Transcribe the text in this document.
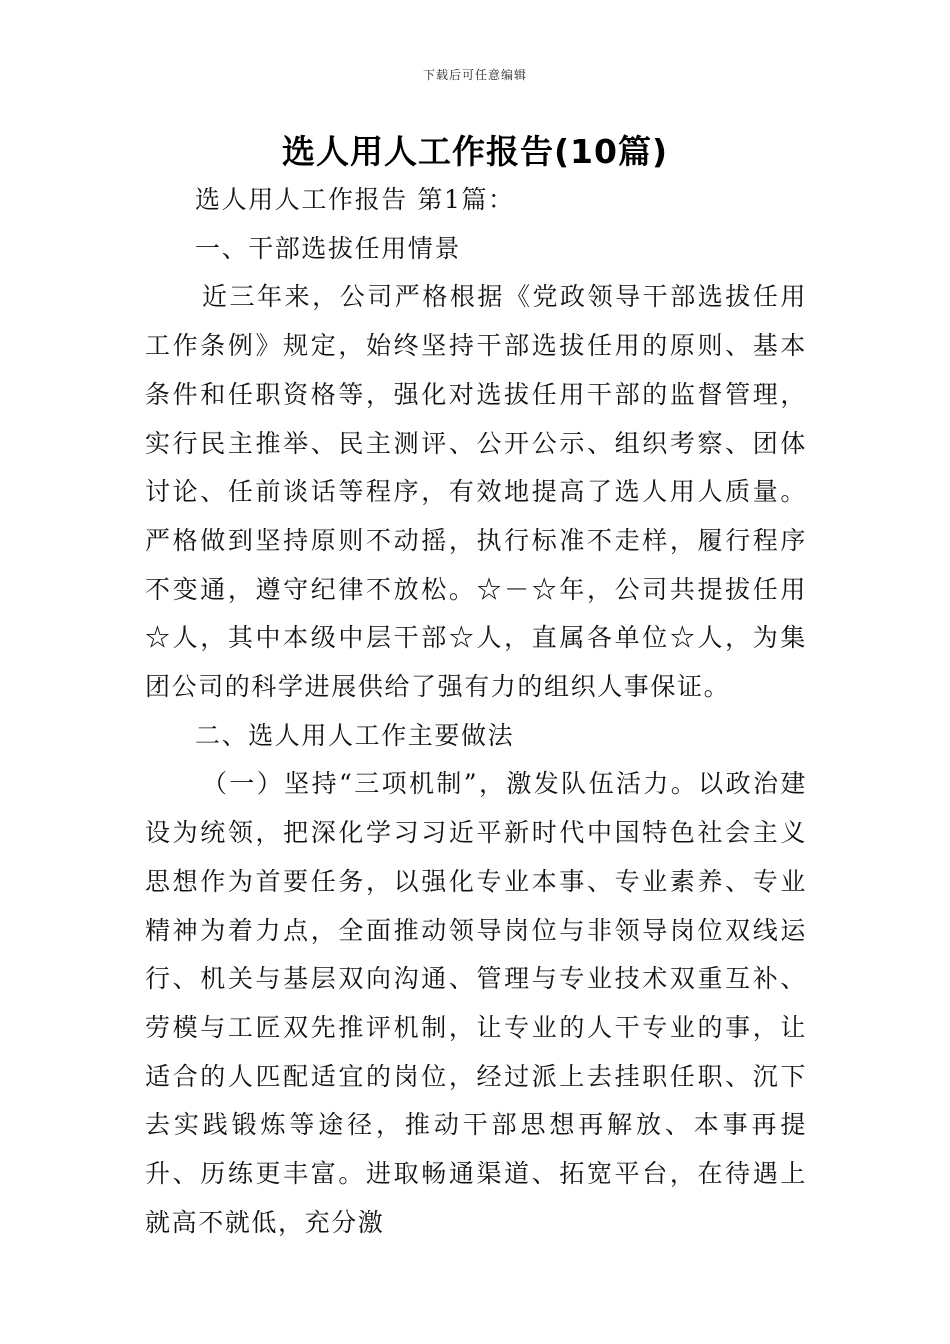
下载后可任意编辑
选人用人工作报告(10篇)

选人用人工作报告 第1篇：

一、干部选拔任用情景

近三年来，公司严格根据《党政领导干部选拔任用工作条例》规定，始终坚持干部选拔任用的原则、基本条件和任职资格等，强化对选拔任用干部的监督管理，实行民主推举、民主测评、公开公示、组织考察、团体讨论、任前谈话等程序，有效地提高了选人用人质量。严格做到坚持原则不动摇，执行标准不走样，履行程序不变通，遵守纪律不放松。☆－☆年，公司共提拔任用☆人，其中本级中层干部☆人，直属各单位☆人，为集团公司的科学进展供给了强有力的组织人事保证。

二、选人用人工作主要做法

（一）坚持“三项机制”，激发队伍活力。以政治建设为统领，把深化学习习近平新时代中国特色社会主义思想作为首要任务，以强化专业本事、专业素养、专业精神为着力点，全面推动领导岗位与非领导岗位双线运行、机关与基层双向沟通、管理与专业技术双重互补、劳模与工匠双先推评机制，让专业的人干专业的事，让适合的人匹配适宜的岗位，经过派上去挂职任职、沉下去实践锻炼等途径，推动干部思想再解放、本事再提升、历练更丰富。进取畅通渠道、拓宽平台，在待遇上就高不就低，充分激
